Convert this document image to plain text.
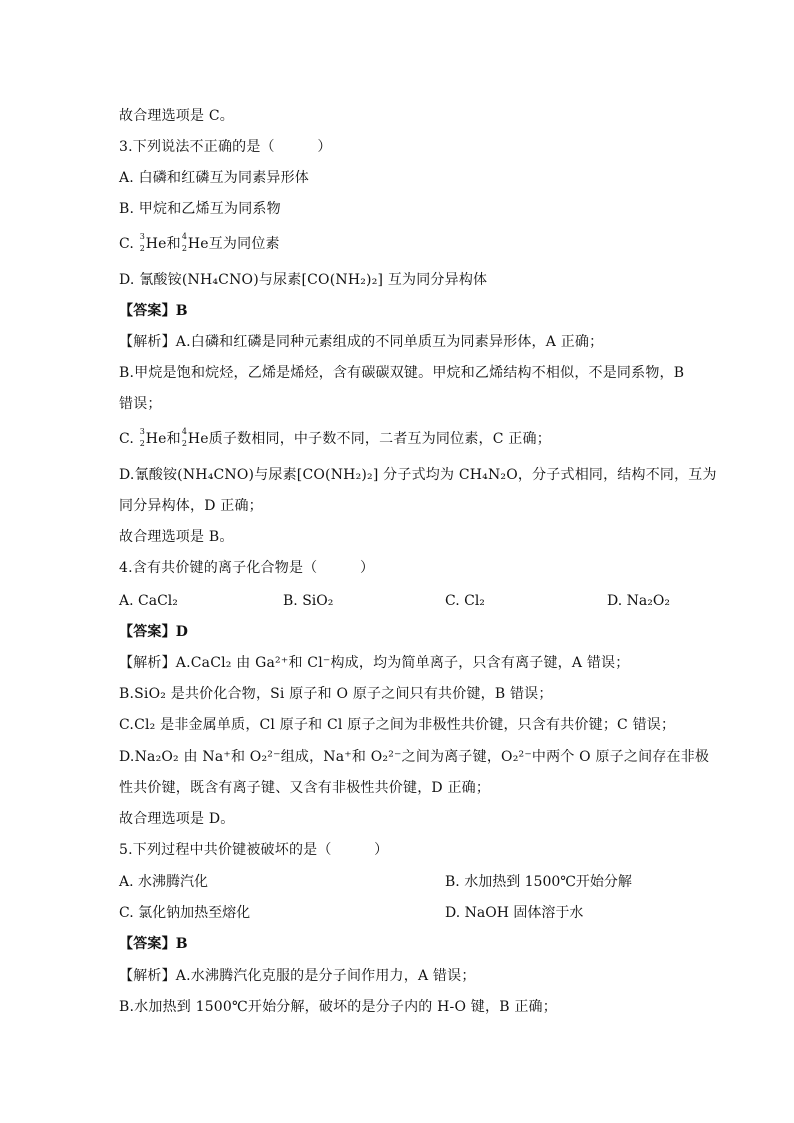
故合理选项是 C。
3.下列说法不正确的是（　　　）
A. 白磷和红磷互为同素异形体
B. 甲烷和乙烯互为同系物
C. 3
2 He和 4
2 He互为同位素
D. 氰酸铵(NH₄CNO)与尿素[CO(NH₂)₂] 互为同分异构体
【答案】B
【解析】A.白磷和红磷是同种元素组成的不同单质互为同素异形体，A 正确；
B.甲烷是饱和烷烃，乙烯是烯烃，含有碳碳双键。甲烷和乙烯结构不相似，不是同系物，B
错误；
C. 3
2 He和 4
2 He质子数相同，中子数不同，二者互为同位素，C 正确；
D.氰酸铵(NH₄CNO)与尿素[CO(NH₂)₂] 分子式均为 CH₄N₂O，分子式相同，结构不同，互为
同分异构体，D 正确；
故合理选项是 B。
4.含有共价键的离子化合物是（　　　）
A. CaCl₂	B. SiO₂	C. Cl₂	D. Na₂O₂
【答案】D
【解析】A.CaCl₂ 由 Ga²⁺和 Cl⁻构成，均为简单离子，只含有离子键，A 错误；
B.SiO₂ 是共价化合物，Si 原子和 O 原子之间只有共价键，B 错误；
C.Cl₂ 是非金属单质，Cl 原子和 Cl 原子之间为非极性共价键，只含有共价键；C 错误；
D.Na₂O₂ 由 Na⁺和 O₂²⁻组成，Na⁺和 O₂²⁻之间为离子键，O₂²⁻中两个 O 原子之间存在非极
性共价键，既含有离子键、又含有非极性共价键，D 正确；
故合理选项是 D。
5.下列过程中共价键被破坏的是（　　　）
A. 水沸腾汽化	B. 水加热到 1500℃开始分解
C. 氯化钠加热至熔化	D. NaOH 固体溶于水
【答案】B
【解析】A.水沸腾汽化克服的是分子间作用力，A 错误；
B.水加热到 1500℃开始分解，破坏的是分子内的 H-O 键，B 正确；
